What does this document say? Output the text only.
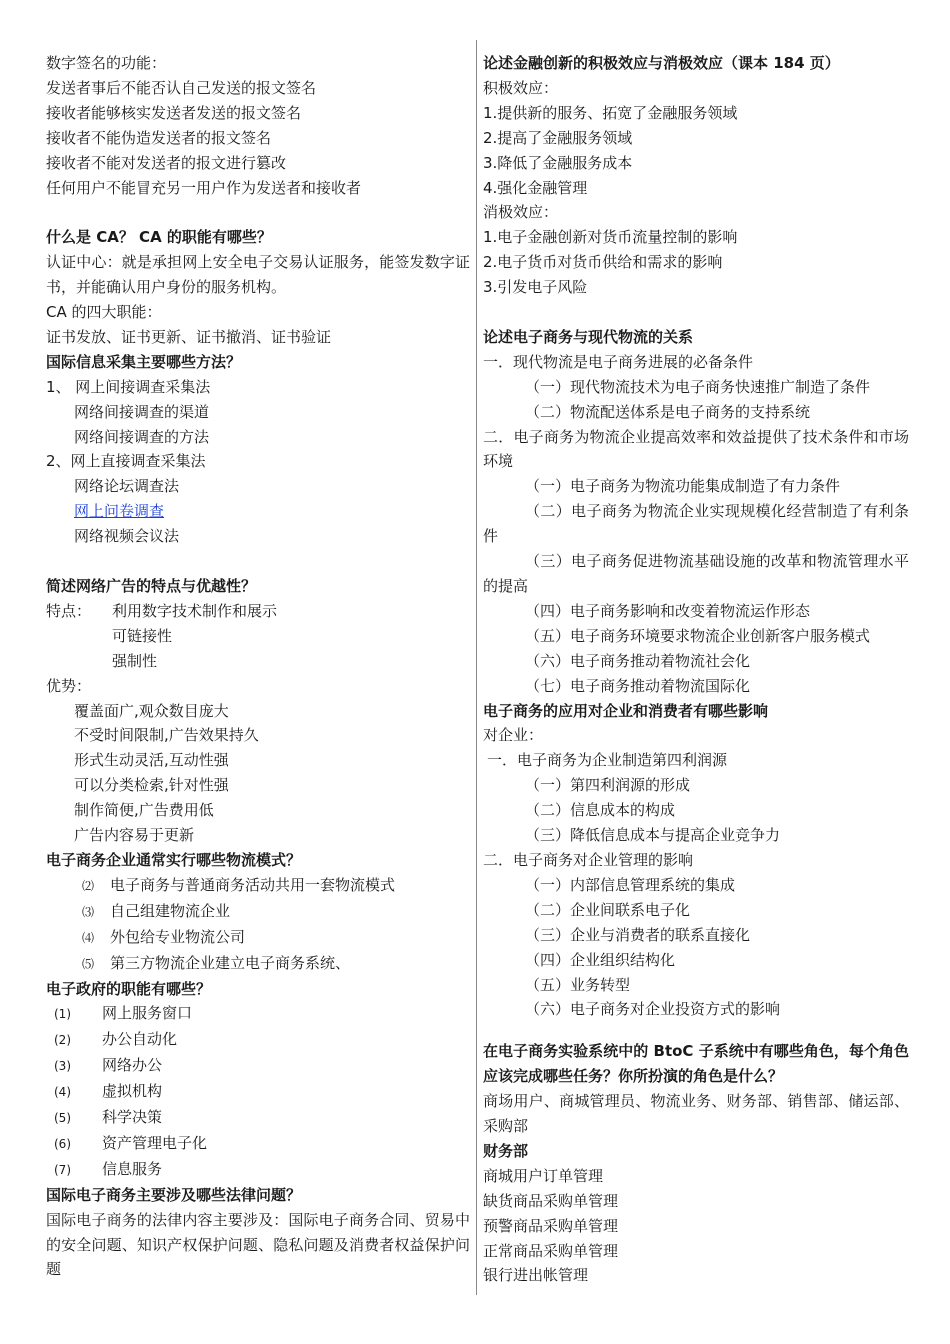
数字签名的功能：
发送者事后不能否认自己发送的报文签名
接收者能够核实发送者发送的报文签名
接收者不能伪造发送者的报文签名
接收者不能对发送者的报文进行篡改
任何用户不能冒充另一用户作为发送者和接收者
什么是 CA？ CA 的职能有哪些？
认证中心：就是承担网上安全电子交易认证服务，能签发数字证书，并能确认用户身份的服务机构。
CA 的四大职能：
证书发放、证书更新、证书撤消、证书验证
国际信息采集主要哪些方法？
1、 网上间接调查采集法
网络间接调查的渠道
网络间接调查的方法
2、网上直接调查采集法
网络论坛调查法
网上问卷调查
网络视频会议法
简述网络广告的特点与优越性？
特点： 利用数字技术制作和展示
可链接性
强制性
优势：
覆盖面广,观众数目庞大
不受时间限制,广告效果持久
形式生动灵活,互动性强
可以分类检索,针对性强
制作简便,广告费用低
广告内容易于更新
电子商务企业通常实行哪些物流模式？
⑵ 电子商务与普通商务活动共用一套物流模式
⑶ 自己组建物流企业
⑷ 外包给专业物流公司
⑸ 第三方物流企业建立电子商务系统、
电子政府的职能有哪些？
(1) 网上服务窗口
(2) 办公自动化
(3) 网络办公
(4) 虚拟机构
(5) 科学决策
(6) 资产管理电子化
(7) 信息服务
国际电子商务主要涉及哪些法律问题？
国际电子商务的法律内容主要涉及：国际电子商务合同、贸易中的安全问题、知识产权保护问题、隐私问题及消费者权益保护问题
论述金融创新的积极效应与消极效应（课本 184 页）
积极效应：
1.提供新的服务、拓宽了金融服务领域
2.提高了金融服务领域
3.降低了金融服务成本
4.强化金融管理
消极效应：
1.电子金融创新对货币流量控制的影响
2.电子货币对货币供给和需求的影响
3.引发电子风险
论述电子商务与现代物流的关系
一．现代物流是电子商务进展的必备条件
（一）现代物流技术为电子商务快速推广制造了条件
（二）物流配送体系是电子商务的支持系统
二．电子商务为物流企业提高效率和效益提供了技术条件和市场环境
（一）电子商务为物流功能集成制造了有力条件
（二）电子商务为物流企业实现规模化经营制造了有利条件
（三）电子商务促进物流基础设施的改革和物流管理水平的提高
（四）电子商务影响和改变着物流运作形态
（五）电子商务环境要求物流企业创新客户服务模式
（六）电子商务推动着物流社会化
（七）电子商务推动着物流国际化
电子商务的应用对企业和消费者有哪些影响
对企业：
一．电子商务为企业制造第四利润源
（一）第四利润源的形成
（二）信息成本的构成
（三）降低信息成本与提高企业竞争力
二．电子商务对企业管理的影响
（一）内部信息管理系统的集成
（二）企业间联系电子化
（三）企业与消费者的联系直接化
（四）企业组织结构化
（五）业务转型
（六）电子商务对企业投资方式的影响
在电子商务实验系统中的 BtoC 子系统中有哪些角色，每个角色应该完成哪些任务？你所扮演的角色是什么？
商场用户、商城管理员、物流业务、财务部、销售部、储运部、采购部
财务部
商城用户订单管理
缺货商品采购单管理
预警商品采购单管理
正常商品采购单管理
银行进出帐管理
